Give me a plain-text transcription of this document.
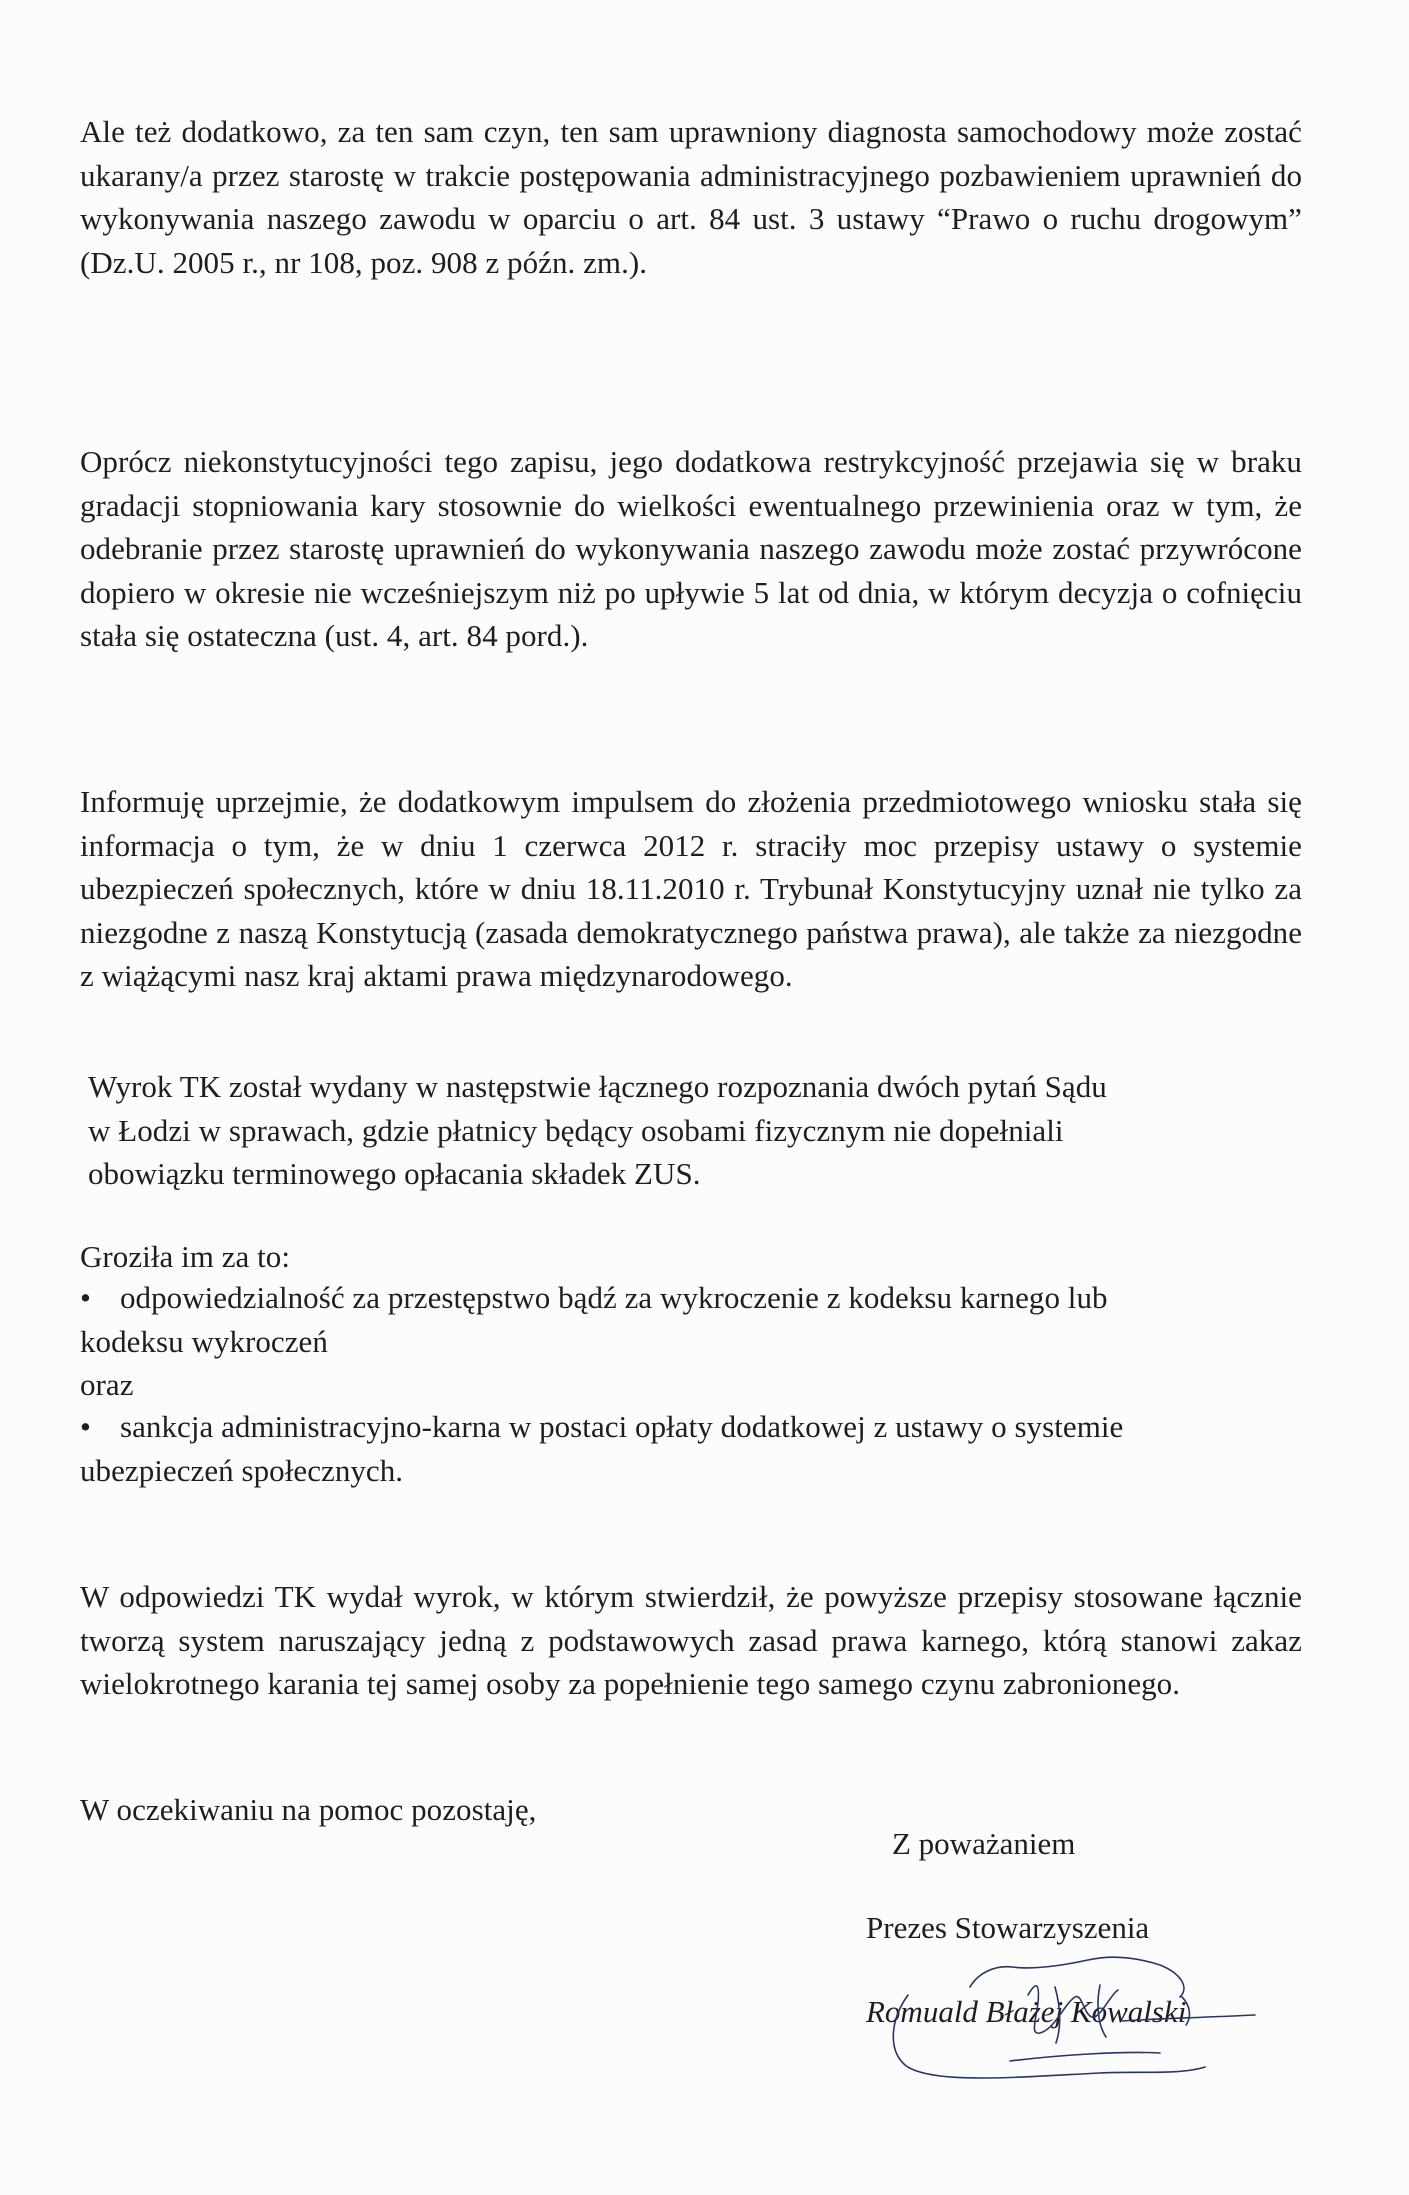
Ale też dodatkowo, za ten sam czyn, ten sam uprawniony diagnosta samochodowy może zostać ukarany/a przez starostę w trakcie postępowania administracyjnego pozbawieniem uprawnień do wykonywania naszego zawodu w oparciu o art. 84 ust. 3 ustawy “Prawo o ruchu drogowym” (Dz.U. 2005 r., nr 108, poz. 908 z późn. zm.).
Oprócz niekonstytucyjności tego zapisu, jego dodatkowa restrykcyjność przejawia się w braku gradacji stopniowania kary stosownie do wielkości ewentualnego przewinienia oraz w tym, że odebranie przez starostę uprawnień do wykonywania naszego zawodu może zostać przywrócone dopiero w okresie nie wcześniejszym niż po upływie 5 lat od dnia, w którym decyzja o cofnięciu stała się ostateczna (ust. 4, art. 84 pord.).
Informuję uprzejmie, że dodatkowym impulsem do złożenia przedmiotowego wniosku stała się informacja o tym, że w dniu 1 czerwca 2012 r. straciły moc przepisy ustawy o systemie ubezpieczeń społecznych, które w dniu 18.11.2010 r. Trybunał Konstytucyjny uznał nie tylko za niezgodne z naszą Konstytucją (zasada demokratycznego państwa prawa), ale także za niezgodne z wiążącymi nasz kraj aktami prawa międzynarodowego.
Wyrok TK został wydany w następstwie łącznego rozpoznania dwóch pytań Sądu
w Łodzi w sprawach, gdzie płatnicy będący osobami fizycznym nie dopełniali
obowiązku terminowego opłacania składek ZUS.
Groziła im za to:
• odpowiedzialność za przestępstwo bądź za wykroczenie z kodeksu karnego lub
kodeksu wykroczeń
oraz
• sankcja administracyjno-karna w postaci opłaty dodatkowej z ustawy o systemie
ubezpieczeń społecznych.
W odpowiedzi TK wydał wyrok, w którym stwierdził, że powyższe przepisy stosowane łącznie tworzą system naruszający jedną z podstawowych zasad prawa karnego, którą stanowi zakaz wielokrotnego karania tej samej osoby za popełnienie tego samego czynu zabronionego.
W oczekiwaniu na pomoc pozostaję,
Z poważaniem
Prezes Stowarzyszenia
Romuald Błażej Kowalski
